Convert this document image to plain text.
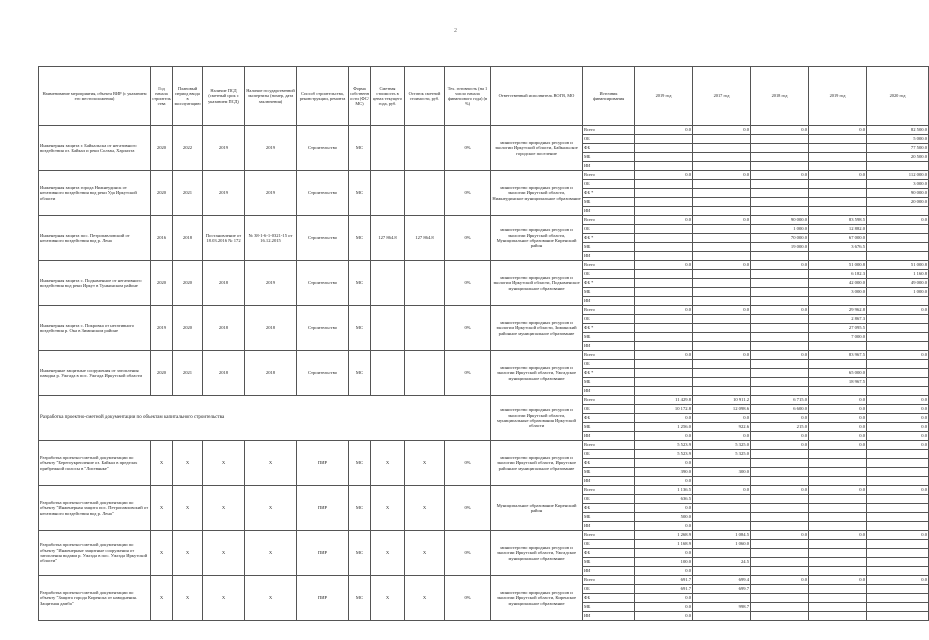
2
Наименование мероприятия, объекта ВИР (с указанием его местоположения)	Год начала строительства	Плановый период ввода в эксплуатацию	Наличие ПСД (сметный срок с указанием ПСД)	Наличие государственной экспертизы (номер, дата заключения)	Способ строительства, реконструкции, ремонта	Форма собственности (ФС/МС)	Сметная стоимость в ценах текущего года, руб.	Остаток сметной стоимости, руб.	Тех. готовность (на 1 число начала финансового года) (в %)	Ответственный исполнитель ВОГВ, МО	Источник финансирования	2019 год	2017 год	2018 год	2019 год	2020 год
Инженерная защита г. Байкальска от негативного воздействия оз. Байкал и реки Солзан, Харлахта	2020	2022	2019	2019	Строительство	МС			0%	министерство природных ресурсов и экологии Иркутской области, Байкальское городское поселение	Всего	0.0	0.0	0.0	0.0	82 500.0
											ОБ					5 000.0
											ФБ					77 500.0
											МБ					20 500.0
											ИИ					
Инженерная защита города Нижнеудинск от негативного воздействия вод реки Уда Иркутской области	2020	2021	2019	2019	Строительство	МС			0%	министерство природных ресурсов и экологии Иркутской области, Нижнеудинское муниципальное образование	Всего	0.0	0.0	0.0	0.0	112 000.0
											ОБ					3 000.0
											ФБ *					90 000.0
											МБ					20 000.0
											ИИ					
Инженерная защита пос. Петропавловский от негативного воздействия вод р. Лена	2016	2018	Постановление от 18.03.2016 № 172	№ 38-1-6-1-0321-15 от 16.12.2015	Строительство	МС	127 864.8	127 864.8	0%	министерство природных ресурсов и экологии Иркутской области, Муниципальное образование Киренский район	Всего	0.0	0.0	90 000.0	83 598.5	0.0
											ОБ			1 000.0	12 882.0	
											ФБ *			70 000.0	67 000.0	
											МБ			19 000.0	3 676.5	
											ИИ					
Инженерная защита с. Подкаменное от негативного воздействия вод реки Иркут в Тункинском районе	2020	2020	2018	2019	Строительство	МС			0%	министерство природных ресурсов и экологии Иркутской области, Подкаменское муниципальное образование	Всего	0.0	0.0	0.0	51 000.8	51 000.8
											ОБ				6 182.3	1 160.8
											ФБ *				42 000.0	49 000.0
											МБ				3 000.0	1 000.0
											ИИ					
Инженерная защита с. Покровка от негативного воздействия р. Ока в Зиминском районе	2019	2020	2018	2018	Строительство	МС			0%	министерство природных ресурсов и экологии Иркутской области, Зиминский районное муниципальное образование	Всего	0.0	0.0	0.0	29 962.8	0.0
											ОБ				2 867.3	
											ФБ *				27 095.5	
											МБ				7 000.0	
											ИИ					
Инженерные защитные сооружения от затопления паводка р. Ужгада в пос. Ужгада Иркутской области	2020	2021	2018	2018	Строительство	МС			0%	министерство природных ресурсов и экологии Иркутской области, Ужгадское муниципальное образование	Всего	0.0	0.0	0.0	83 967.5	0.0
											ОБ					
											ФБ *				65 000.0	
											МБ				18 967.5	
											ИИ					
Разработка проектно-сметной документации по объектам капитального строительства										министерство природных ресурсов и экологии Иркутской области, муниципальные образования Иркутской области	Всего	11 429.8	10 911.2	6 715.0	0.0	0.0
											ОБ	10 172.8	12 098.6	6 600.0	0.0	0.0
											ФБ	0.0	0.0	0.0	0.0	0.0
											МБ	1 256.0	922.6	215.0	0.0	0.0
											ИИ	0.0	0.0	0.0	0.0	0.0
Разработка проектно-сметной документации по объекту "Берегоукрепление оз. Байкал в пределах прибрежной полосы в "Листвянке"	X	X	X	X	ПИР	МС	X	X	0%	министерство природных ресурсов и экологии Иркутской области, Иркутское районное муниципальное образование	Всего	5 523.9	5 325.0	0.0	0.0	0.0
											ОБ	5 523.9	5 325.0			
											ФБ	0.0				
											МБ	390.0	300.0			
											ИИ	0.0				
Разработка проектно-сметной документации по объекту "Инженерная защита пос. Петропавловский от негативного воздействия вод р. Лена"	X	X	X	X	ПИР	МС	X	X	0%	Муниципальное образование Киренский район	Всего	1 136.5	0.0	0.0	0.0	0.0
											ОБ	636.5				
											ФБ	0.0				
											МБ	500.0				
											ИИ	0.0				
Разработка проектно-сметной документации по объекту "Инженерные защитные сооружения от затопления водами р. Ужгада в пос. Ужгада Иркутской области"	X	X	X	X	ПИР	МС	X	X	0%	министерство природных ресурсов и экологии Иркутской области, Ужгадское муниципальное образование	Всего	1 268.9	1 084.5	0.0	0.0	0.0
											ОБ	1 168.9	1 060.0			
											ФБ	0.0				
											МБ	100.0	24.5			
											ИИ	0.0				
Разработка проектно-сметной документации по объекту "Защита города Киренска от наводнения. Защитная дамба"	X	X	X	X	ПИР	МС	X	X	0%	министерство природных ресурсов и экологии Иркутской области, Киренское муниципальное образование	Всего	691.7	699.4	0.0	0.0	0.0
											ОБ	691.7	699.7			
											ФБ	0.0				
											МБ	0.0	998.7			
											ИИ	0.0				
